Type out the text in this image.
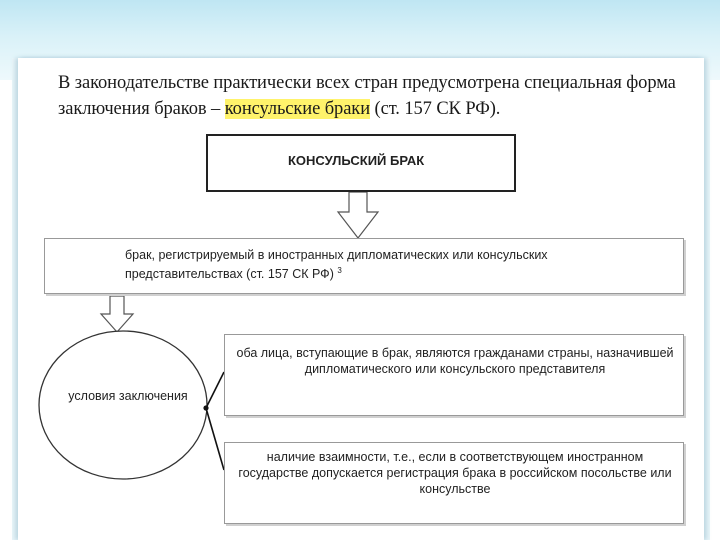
В законодательстве практически всех стран предусмотрена специальная форма заключения браков – консульские браки (ст. 157 СК РФ).
КОНСУЛЬСКИЙ БРАК
брак, регистрируемый в иностранных дипломатических или консульских представительствах (ст. 157 СК РФ) $^3$
условия заключения
оба лица, вступающие в брак, являются гражданами страны, назначившей дипломатического или консульского представителя
наличие взаимности, т.е., если в соответствующем иностранном государстве допускается регистрация брака в российском посольстве или консульстве
